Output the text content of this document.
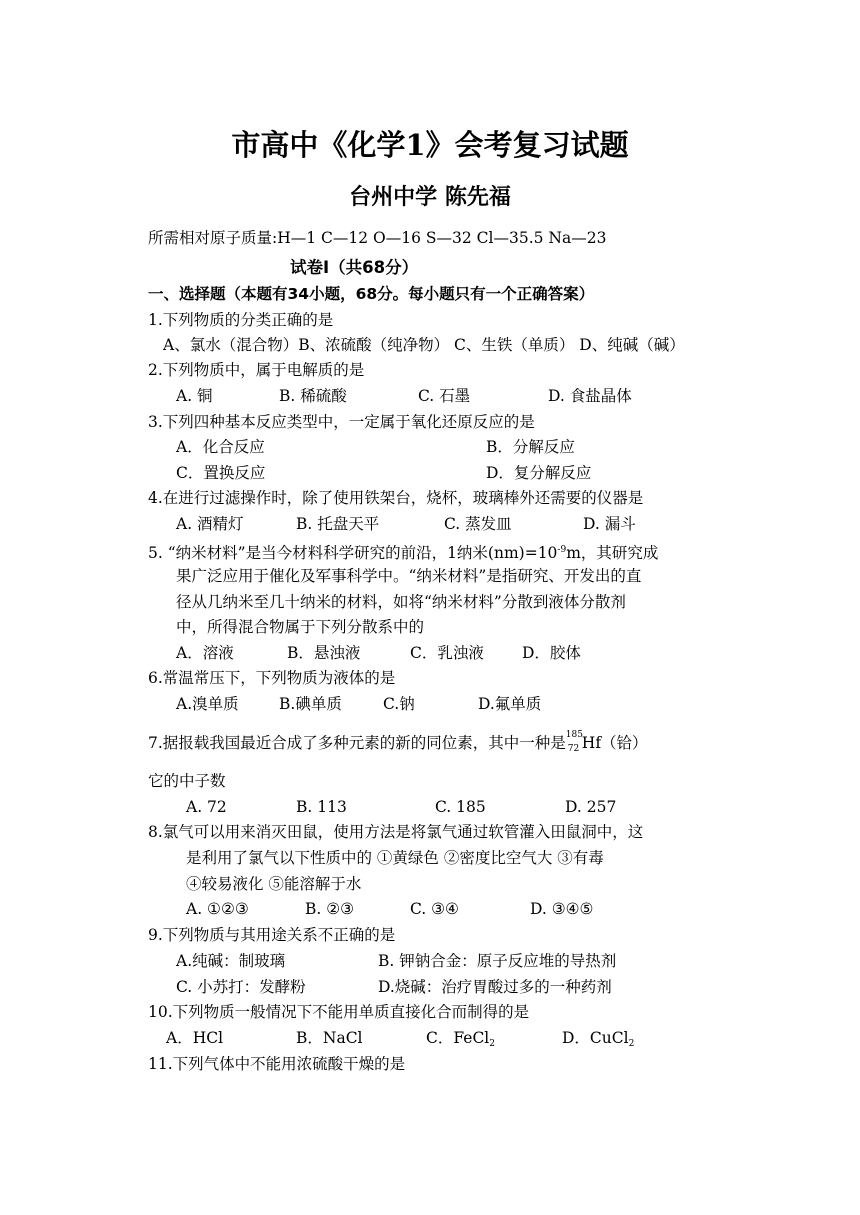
市高中《化学1》会考复习试题
台州中学 陈先福
所需相对原子质量:H—1 C—12 O—16 S—32 Cl—35.5 Na—23
试卷Ⅰ（共68分）
一、选择题（本题有34小题，68分。每小题只有一个正确答案）
1.下列物质的分类正确的是
A、氯水（混合物）B、浓硫酸（纯净物） C、生铁（单质） D、纯碱（碱）
2.下列物质中，属于电解质的是
A. 铜	B. 稀硫酸	C. 石墨	D. 食盐晶体
3.下列四种基本反应类型中，一定属于氧化还原反应的是
A．化合反应	B．分解反应
C．置换反应	D．复分解反应
4.在进行过滤操作时，除了使用铁架台，烧杯，玻璃棒外还需要的仪器是
A. 酒精灯	B. 托盘天平	C. 蒸发皿	D. 漏斗
5. “纳米材料”是当今材料科学研究的前沿，1纳米$(nm)=10^{-9}m$，其研究成
果广泛应用于催化及军事科学中。“纳米材料”是指研究、开发出的直
径从几纳米至几十纳米的材料，如将“纳米材料”分散到液体分散剂
中，所得混合物属于下列分散系中的
A．溶液	B．悬浊液	C．乳浊液 D．胶体
6.常温常压下，下列物质为液体的是
A.溴单质	B.碘单质	C.钠	D.氟单质
7.据报载我国最近合成了多种元素的新的同位素，其中一种是 185
72 Hf（铪）
它的中子数
A. 72	B. 113	C. 185	D. 257
8.氯气可以用来消灭田鼠，使用方法是将氯气通过软管灌入田鼠洞中，这
是利用了氯气以下性质中的 ①黄绿色 ②密度比空气大 ③有毒
④较易液化 ⑤能溶解于水
A. ①②③	B. ②③	C. ③④	D. ③④⑤
9.下列物质与其用途关系不正确的是
A.纯碱：制玻璃	B. 钾钠合金：原子反应堆的导热剂
C. 小苏打：发酵粉	D.烧碱：治疗胃酸过多的一种药剂
10.下列物质一般情况下不能用单质直接化合而制得的是
A．HCl	B．NaCl	C．FeCl$_2$	D．CuCl$_2$
11.下列气体中不能用浓硫酸干燥的是
